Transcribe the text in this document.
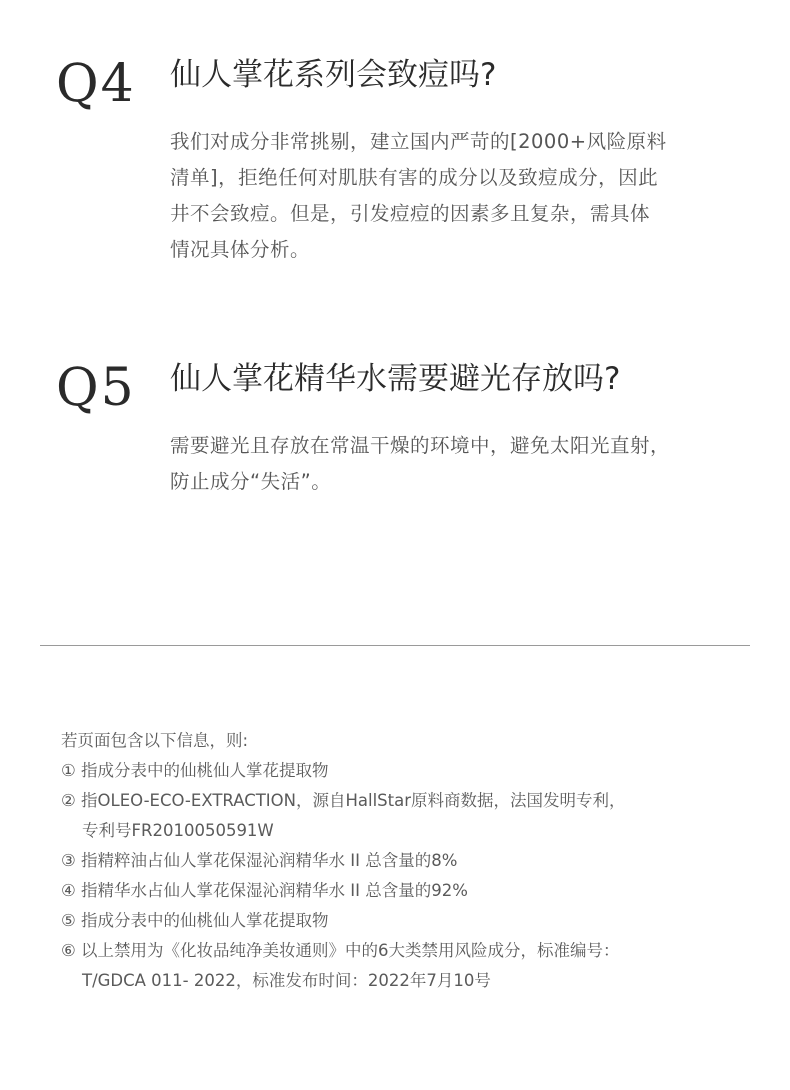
Q4 仙人掌花系列会致痘吗?
我们对成分非常挑剔，建立国内严苛的[2000+风险原料
清单]，拒绝任何对肌肤有害的成分以及致痘成分，因此
井不会致痘。但是，引发痘痘的因素多且复杂，需具体
情况具体分析。
Q5 仙人掌花精华水需要避光存放吗?
需要避光且存放在常温干燥的环境中，避免太阳光直射，
防止成分“失活”。
若页面包含以下信息，则:
① 指成分表中的仙桃仙人掌花提取物
② 指OLEO-ECO-EXTRACTION，源自HallStar原料商数据，法国发明专利，
专利号FR2010050591W
③ 指精粹油占仙人掌花保湿沁润精华水 II 总含量的8%
④ 指精华水占仙人掌花保湿沁润精华水 II 总含量的92%
⑤ 指成分表中的仙桃仙人掌花提取物
⑥ 以上禁用为《化妆品纯净美妆通则》中的6大类禁用风险成分，标准编号：
T/GDCA 011- 2022，标准发布时间：2022年7月10号
